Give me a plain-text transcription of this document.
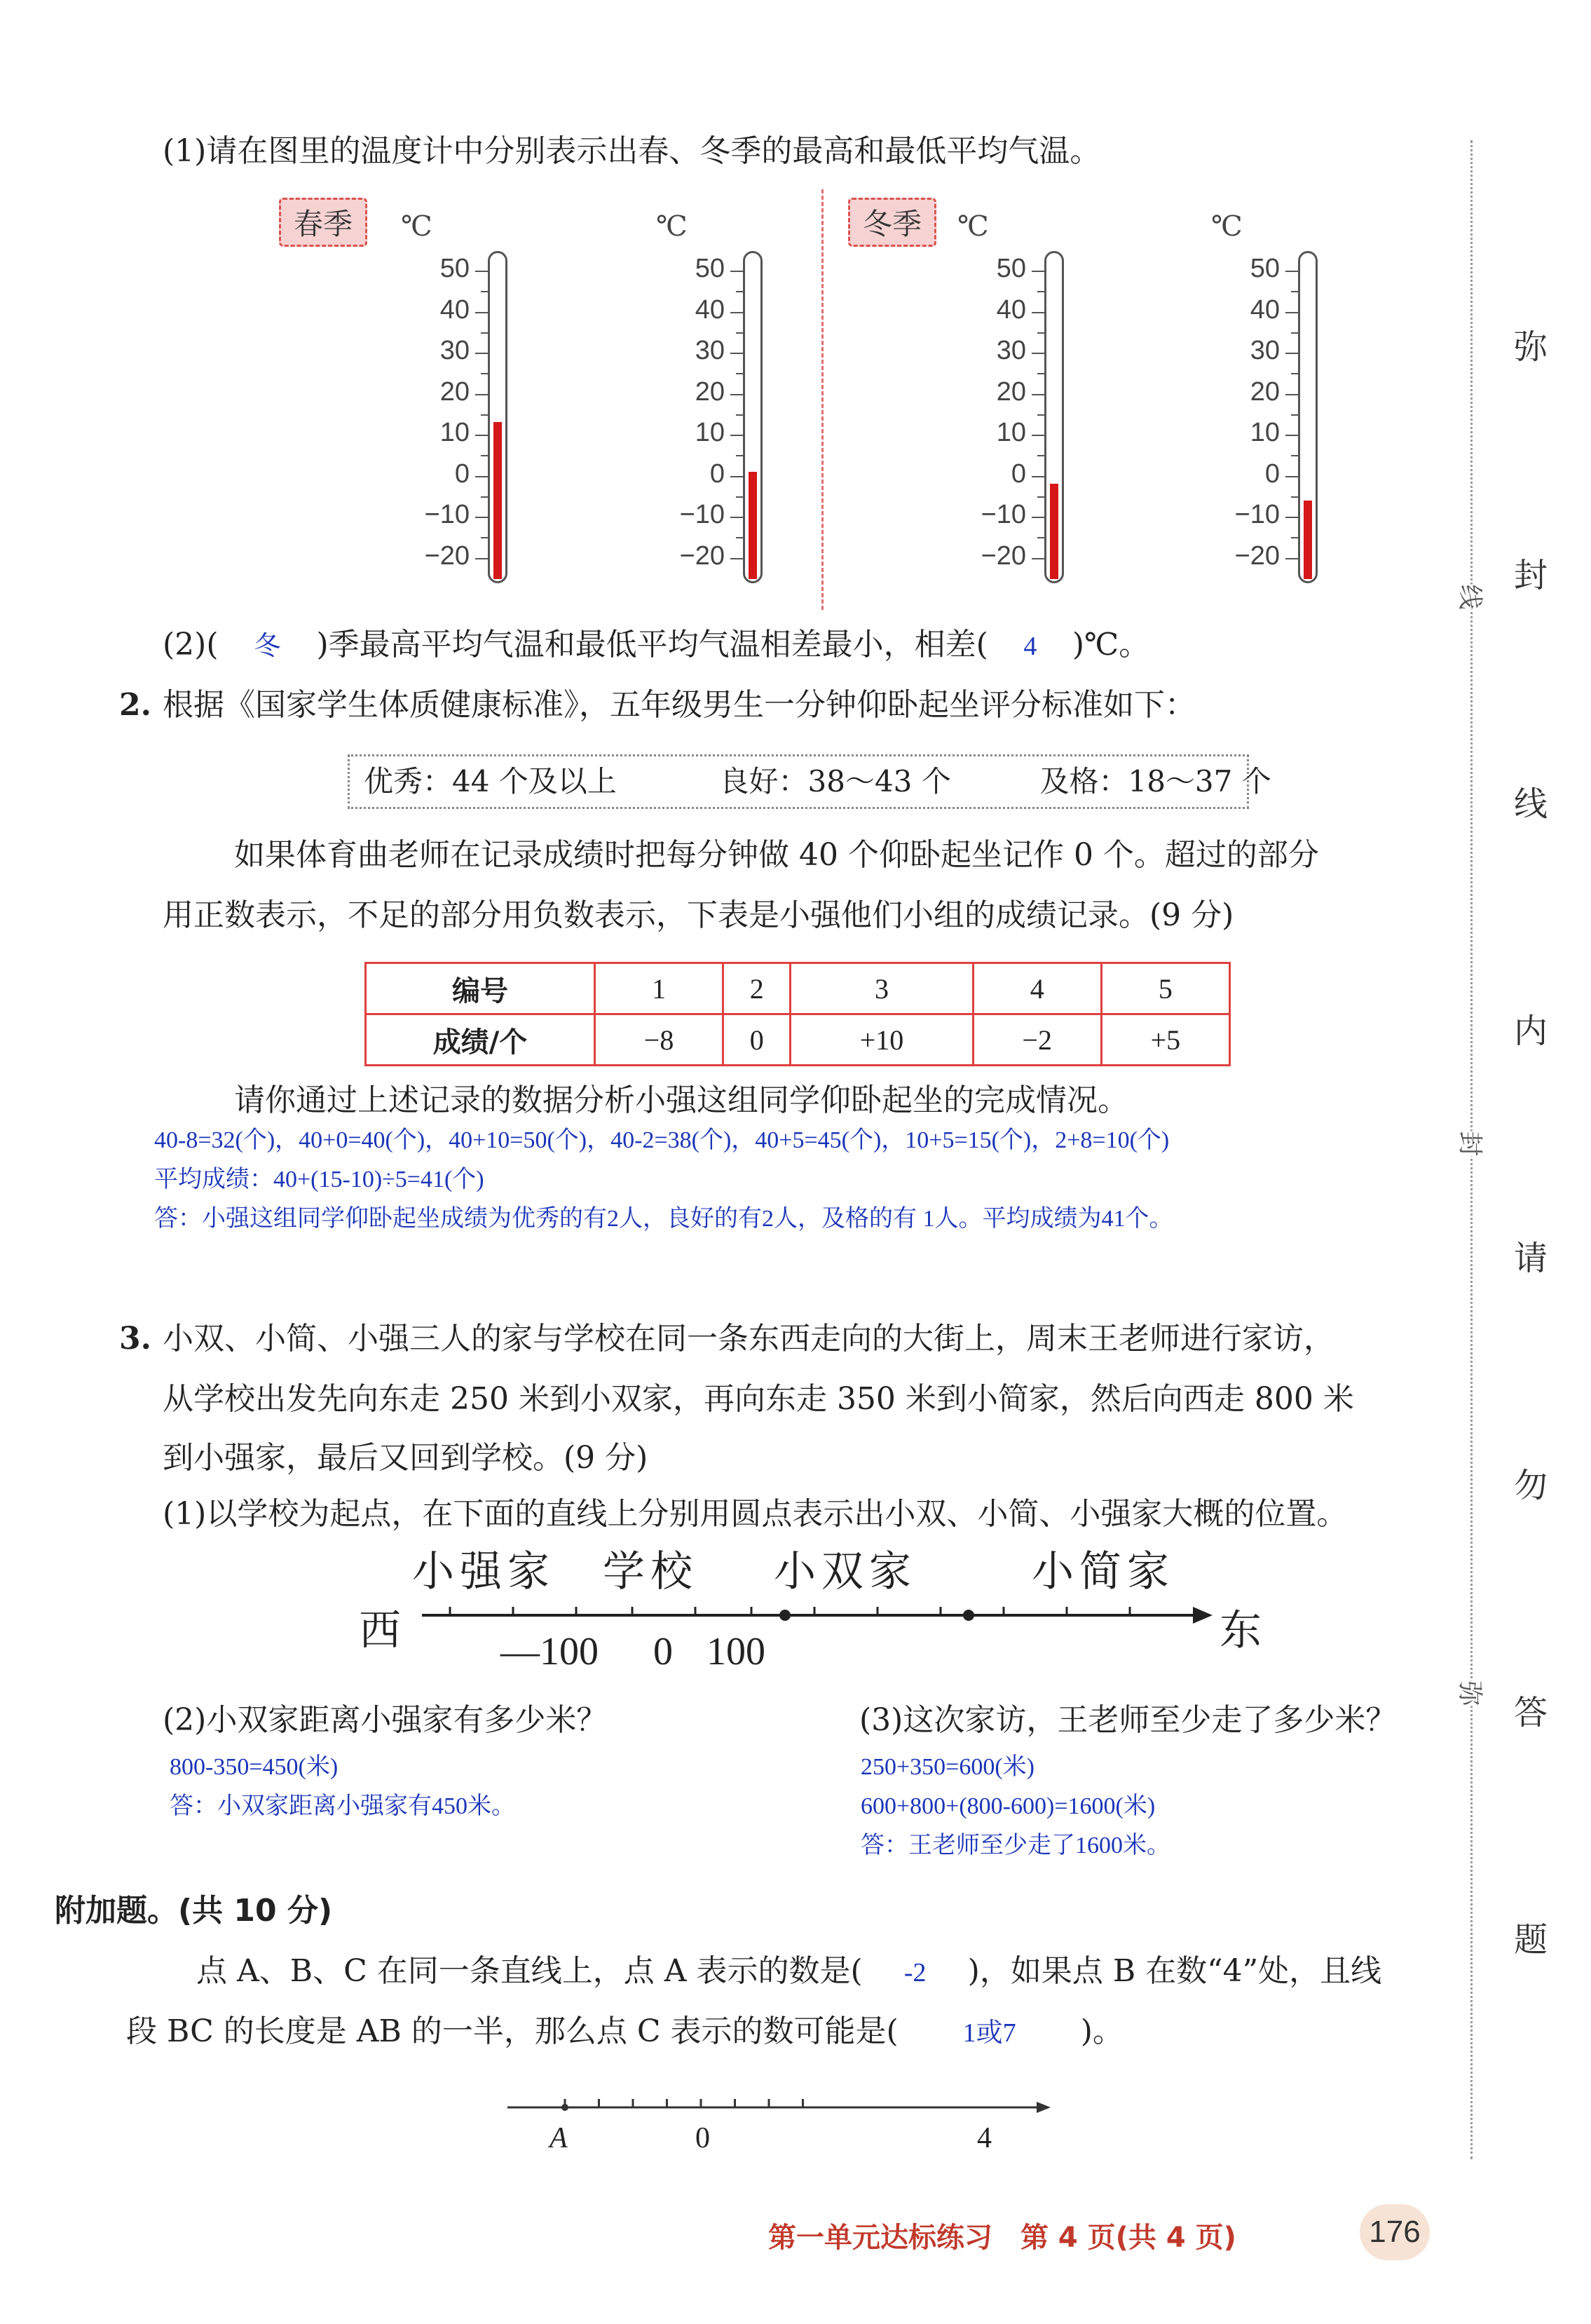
(1)请在图里的温度计中分别表示出春、冬季的最高和最低平均气温。
春季	冬季
℃
50
40
30
20
10
0
−10
−20
℃
50
40
30
20
10
0
−10
−20
℃
50
40
30
20
10
0
−10
−20
℃
50
40
30
20
10
0
−10
−20
(2)( 冬 )季最高平均气温和最低平均气温相差最小，相差( 4 )℃。
2. 根据《国家学生体质健康标准》，五年级男生一分钟仰卧起坐评分标准如下：
优秀：44 个及以上	良好：38～43 个	及格：18～37 个
如果体育曲老师在记录成绩时把每分钟做 40 个仰卧起坐记作 0 个。超过的部分
用正数表示，不足的部分用负数表示，下表是小强他们小组的成绩记录。(9 分)
编号	1	2	3	4	5
成绩/个	−8	0	+10	−2	+5
请你通过上述记录的数据分析小强这组同学仰卧起坐的完成情况。
40-8=32(个)，40+0=40(个)，40+10=50(个)，40-2=38(个)，40+5=45(个)，10+5=15(个)，2+8=10(个)
平均成绩：40+(15-10)÷5=41(个)
答：小强这组同学仰卧起坐成绩为优秀的有2人，良好的有2人，及格的有 1人。平均成绩为41个。
3. 小双、小简、小强三人的家与学校在同一条东西走向的大街上，周末王老师进行家访，
从学校出发先向东走 250 米到小双家，再向东走 350 米到小简家，然后向西走 800 米
到小强家，最后又回到学校。(9 分)
(1)以学校为起点，在下面的直线上分别用圆点表示出小双、小简、小强家大概的位置。
小强家 学校 小双家	小简家
西	东
—100 0 100
(2)小双家距离小强家有多少米？
800-350=450(米)
答：小双家距离小强家有450米。
(3)这次家访，王老师至少走了多少米？
250+350=600(米)
600+800+(800-600)=1600(米)
答：王老师至少走了1600米。
附加题。(共 10 分)
点 A、B、C 在同一条直线上，点 A 表示的数是( -2 )，如果点 B 在数“4”处，且线
段 BC 的长度是 AB 的一半，那么点 C 表示的数可能是( 1或7 )。
A	0	4
弥
封
线
内
请
勿
答
题
线
封
弥
第一单元达标练习　第 4 页(共 4 页)	176
